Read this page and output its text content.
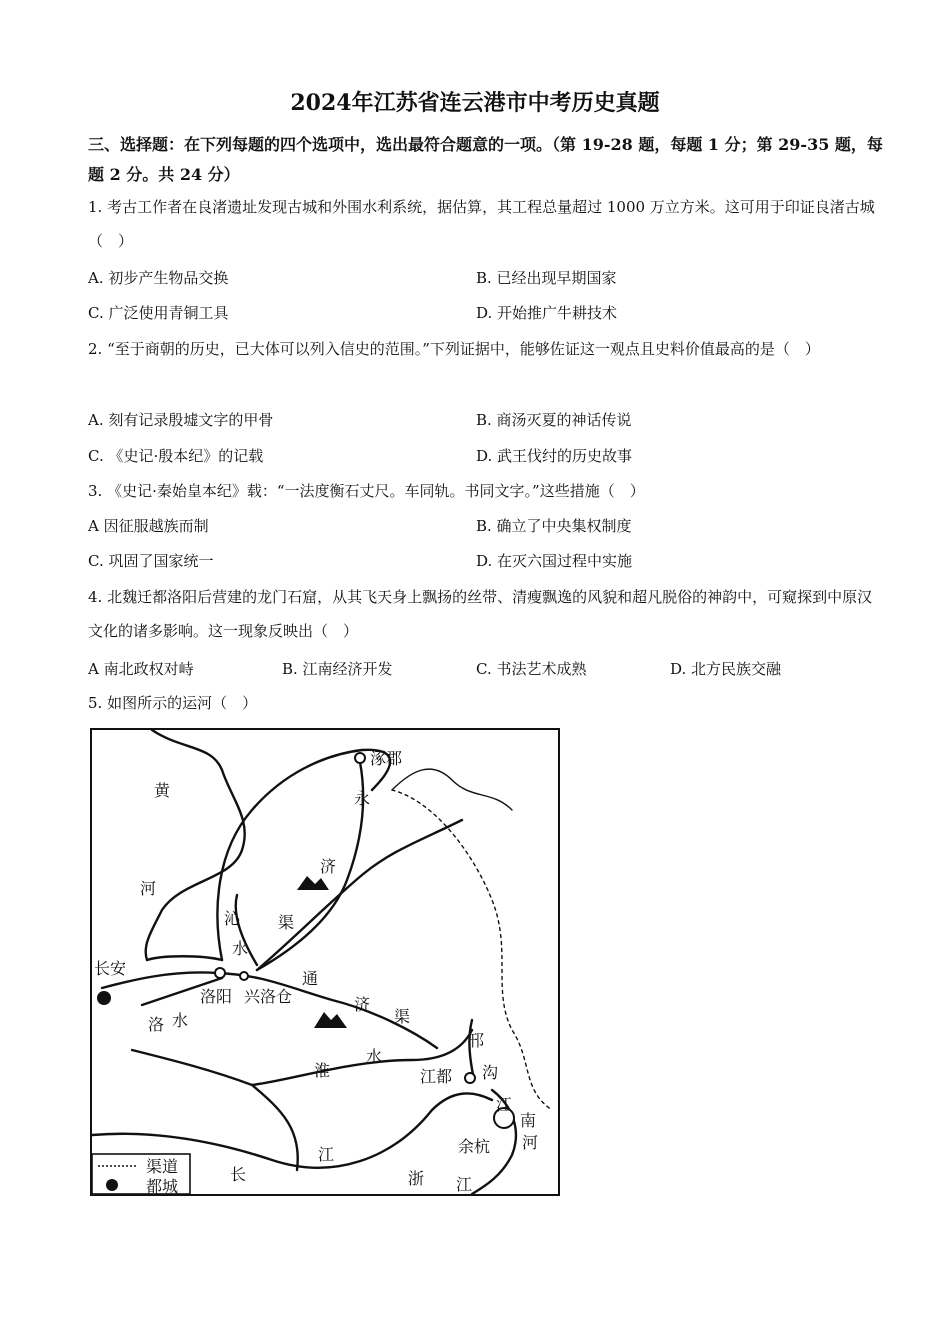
2024年江苏省连云港市中考历史真题
三、选择题：在下列每题的四个选项中，选出最符合题意的一项。（第 19-28 题，每题 1 分；第 29-35 题，每题 2 分。共 24 分）
1. 考古工作者在良渚遗址发现古城和外围水利系统，据估算，其工程总量超过 1000 万立方米。这可用于印证良渚古城（　）
A. 初步产生物品交换	B. 已经出现早期国家
C. 广泛使用青铜工具	D. 开始推广牛耕技术
2. “至于商朝的历史，已大体可以列入信史的范围。”下列证据中，能够佐证这一观点且史料价值最高的是（　）
A. 刻有记录殷墟文字的甲骨	B. 商汤灭夏的神话传说
C. 《史记·殷本纪》的记载	D. 武王伐纣的历史故事
3. 《史记·秦始皇本纪》载：“一法度衡石丈尺。车同轨。书同文字。”这些措施（　）
A 因征服越族而制	B. 确立了中央集权制度
C. 巩固了国家统一	D. 在灭六国过程中实施
4. 北魏迁都洛阳后营建的龙门石窟，从其飞天身上飘扬的丝带、清瘦飘逸的风貌和超凡脱俗的神韵中，可窥探到中原汉文化的诸多影响。这一现象反映出（　）
A 南北政权对峙	B. 江南经济开发	C. 书法艺术成熟	D. 北方民族交融
5. 如图所示的运河（　）
涿郡
永
黄
济
渠
河
沁
水
长安
洛阳 兴洛仓
通
济
渠
洛 水
淮
水
邗
沟
江都
江
南
河
余杭
江
长	浙 江
渠道
都城
